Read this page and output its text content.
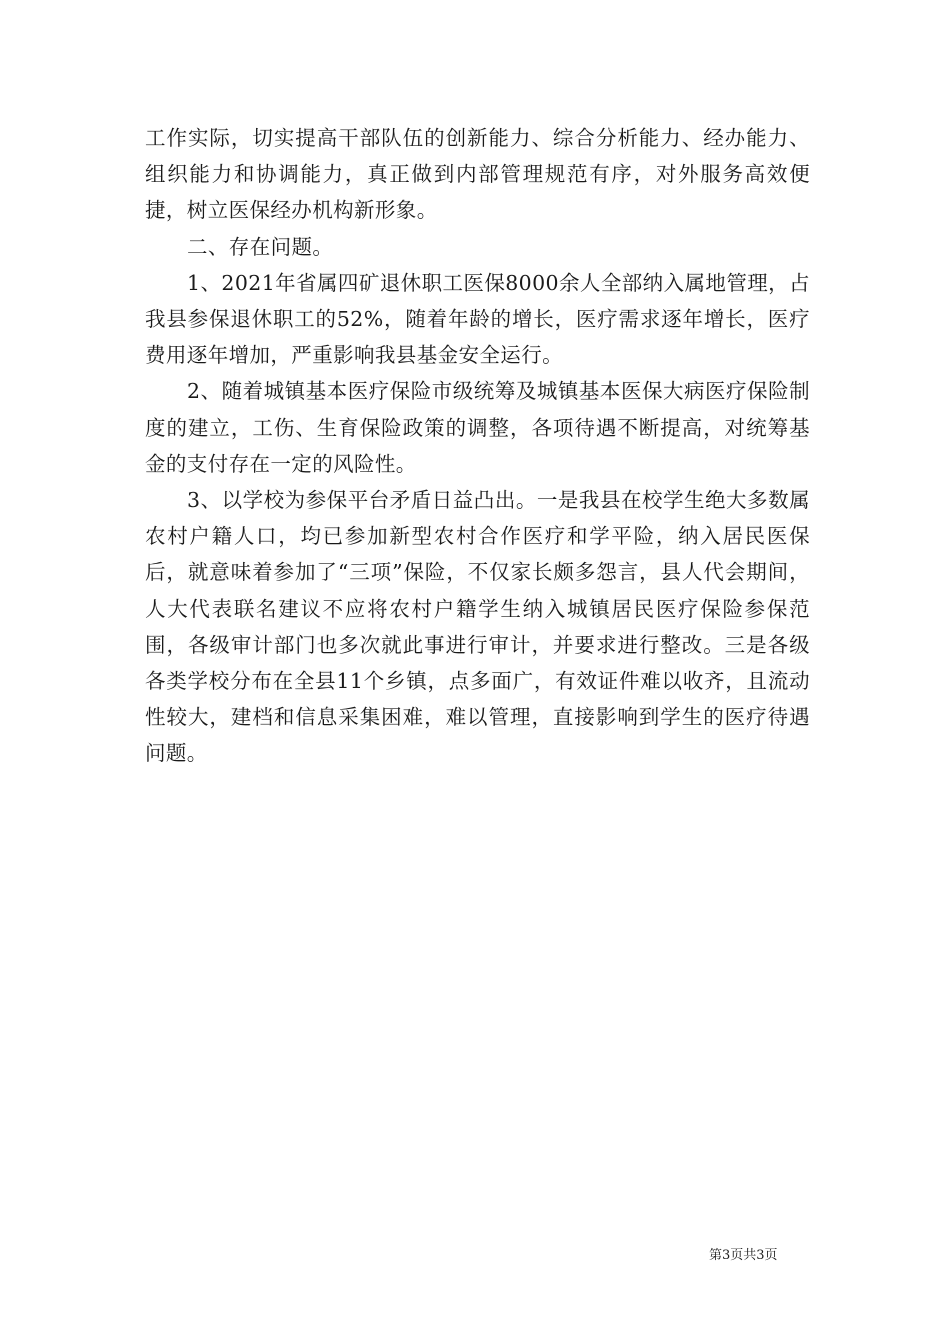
工作实际，切实提高干部队伍的创新能力、综合分析能力、经办能力、组织能力和协调能力，真正做到内部管理规范有序，对外服务高效便捷，树立医保经办机构新形象。

二、存在问题。

1、2021年省属四矿退休职工医保8000余人全部纳入属地管理，占我县参保退休职工的52%，随着年龄的增长，医疗需求逐年增长，医疗费用逐年增加，严重影响我县基金安全运行。

2、随着城镇基本医疗保险市级统筹及城镇基本医保大病医疗保险制度的建立，工伤、生育保险政策的调整，各项待遇不断提高，对统筹基金的支付存在一定的风险性。

3、以学校为参保平台矛盾日益凸出。一是我县在校学生绝大多数属农村户籍人口，均已参加新型农村合作医疗和学平险，纳入居民医保后，就意味着参加了“三项”保险，不仅家长颇多怨言，县人代会期间，人大代表联名建议不应将农村户籍学生纳入城镇居民医疗保险参保范围，各级审计部门也多次就此事进行审计，并要求进行整改。三是各级各类学校分布在全县11个乡镇，点多面广，有效证件难以收齐，且流动性较大，建档和信息采集困难，难以管理，直接影响到学生的医疗待遇问题。

第3页共3页
